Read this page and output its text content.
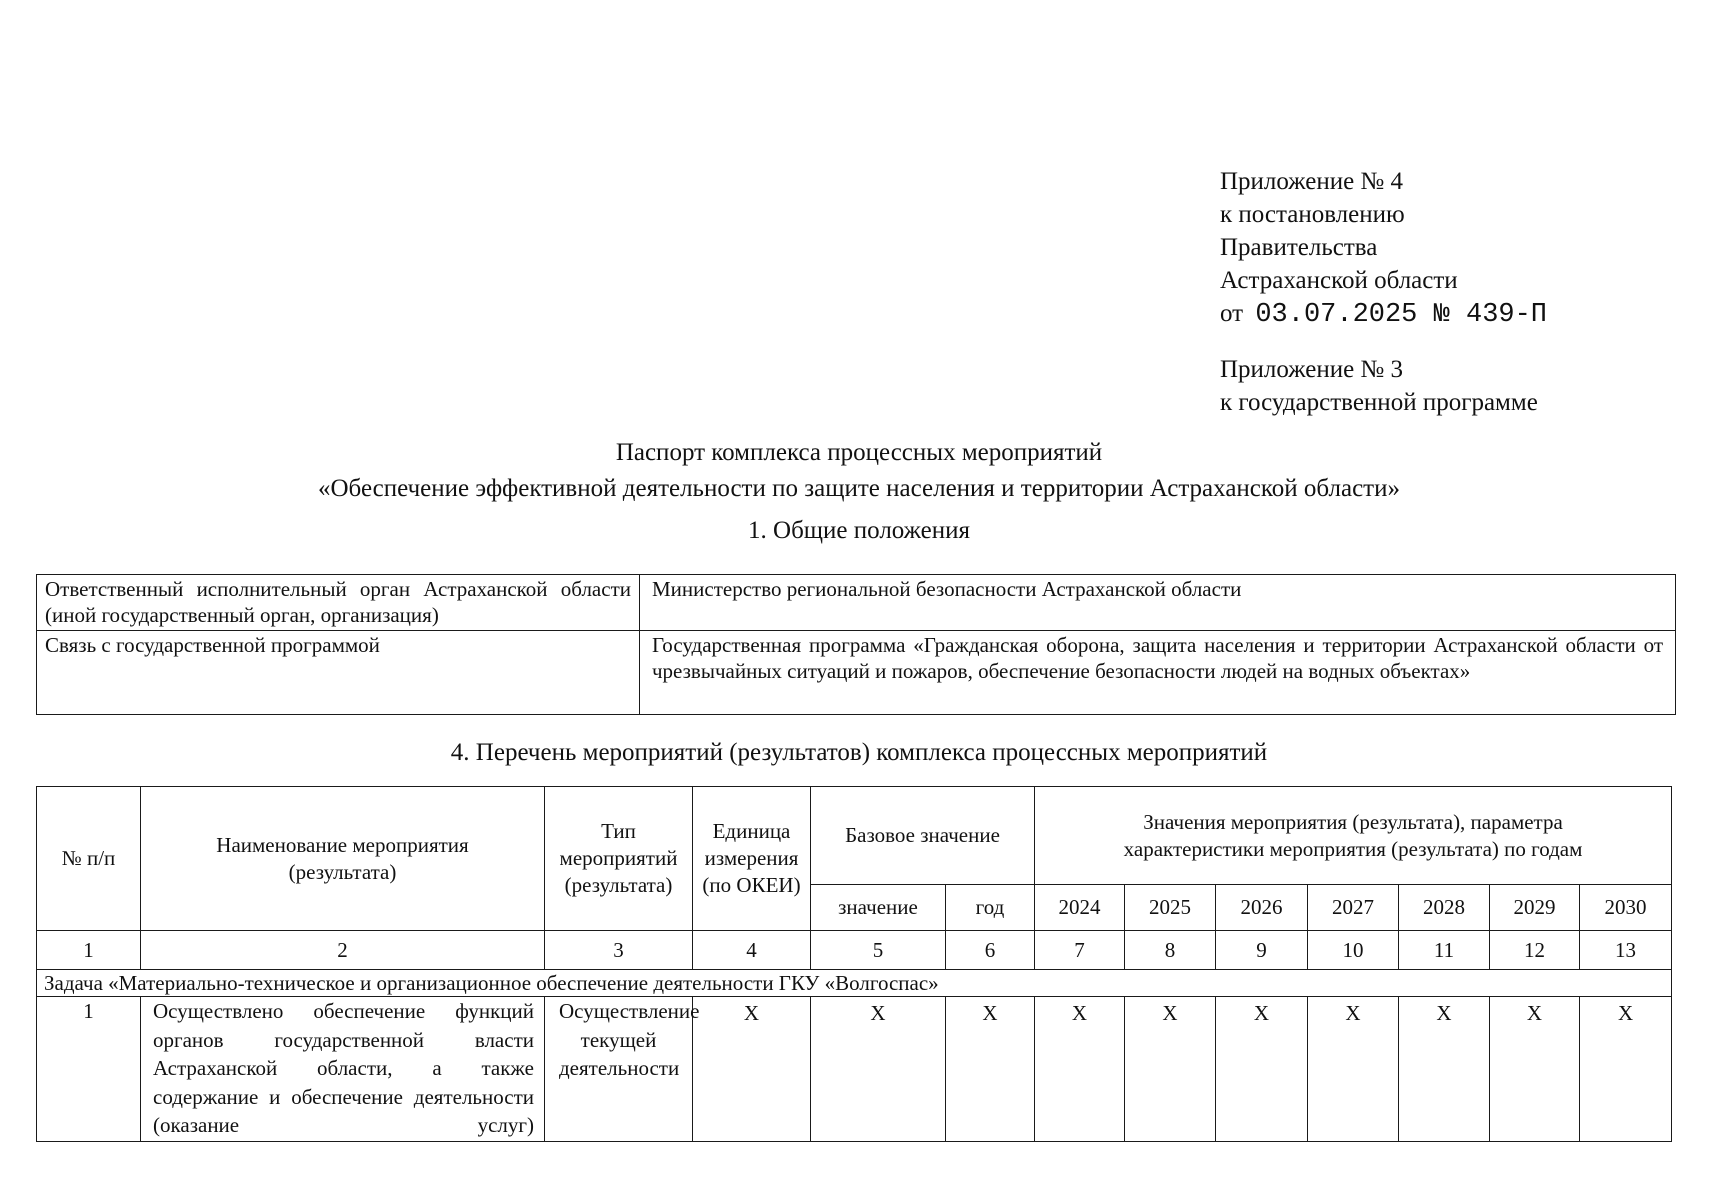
Приложение № 4
к постановлению
Правительства
Астраханской области
от 03.07.2025 № 439-П
Приложение № 3
к государственной программе
Паспорт комплекса процессных мероприятий
«Обеспечение эффективной деятельности по защите населения и территории Астраханской области»
1. Общие положения
Ответственный исполнительный орган Астраханской области (иной государственный орган, организация)	Министерство региональной безопасности Астраханской области
Связь с государственной программой	Государственная программа «Гражданская оборона, защита населения и территории Астраханской области от чрезвычайных ситуаций и пожаров, обеспечение безопасности людей на водных объектах»
4. Перечень мероприятий (результатов) комплекса процессных мероприятий
№ п/п	Наименование мероприятия (результата)	Тип мероприятий (результата)	Единица измерения (по ОКЕИ)	Базовое значение		Значения мероприятия (результата), параметра характеристики мероприятия (результата) по годам						
				значение	год	2024	2025	2026	2027	2028	2029	2030
1	2	3	4	5	6	7	8	9	10	11	12	13
Задача «Материально-техническое и организационное обеспечение деятельности ГКУ «Волгоспас»												
1	Осуществлено обеспечение функций органов государственной власти Астраханской области, а также содержание и обеспечение деятельности (оказание услуг)	Осуществление текущей деятельности	X	X	X	X	X	X	X	X	X	X
